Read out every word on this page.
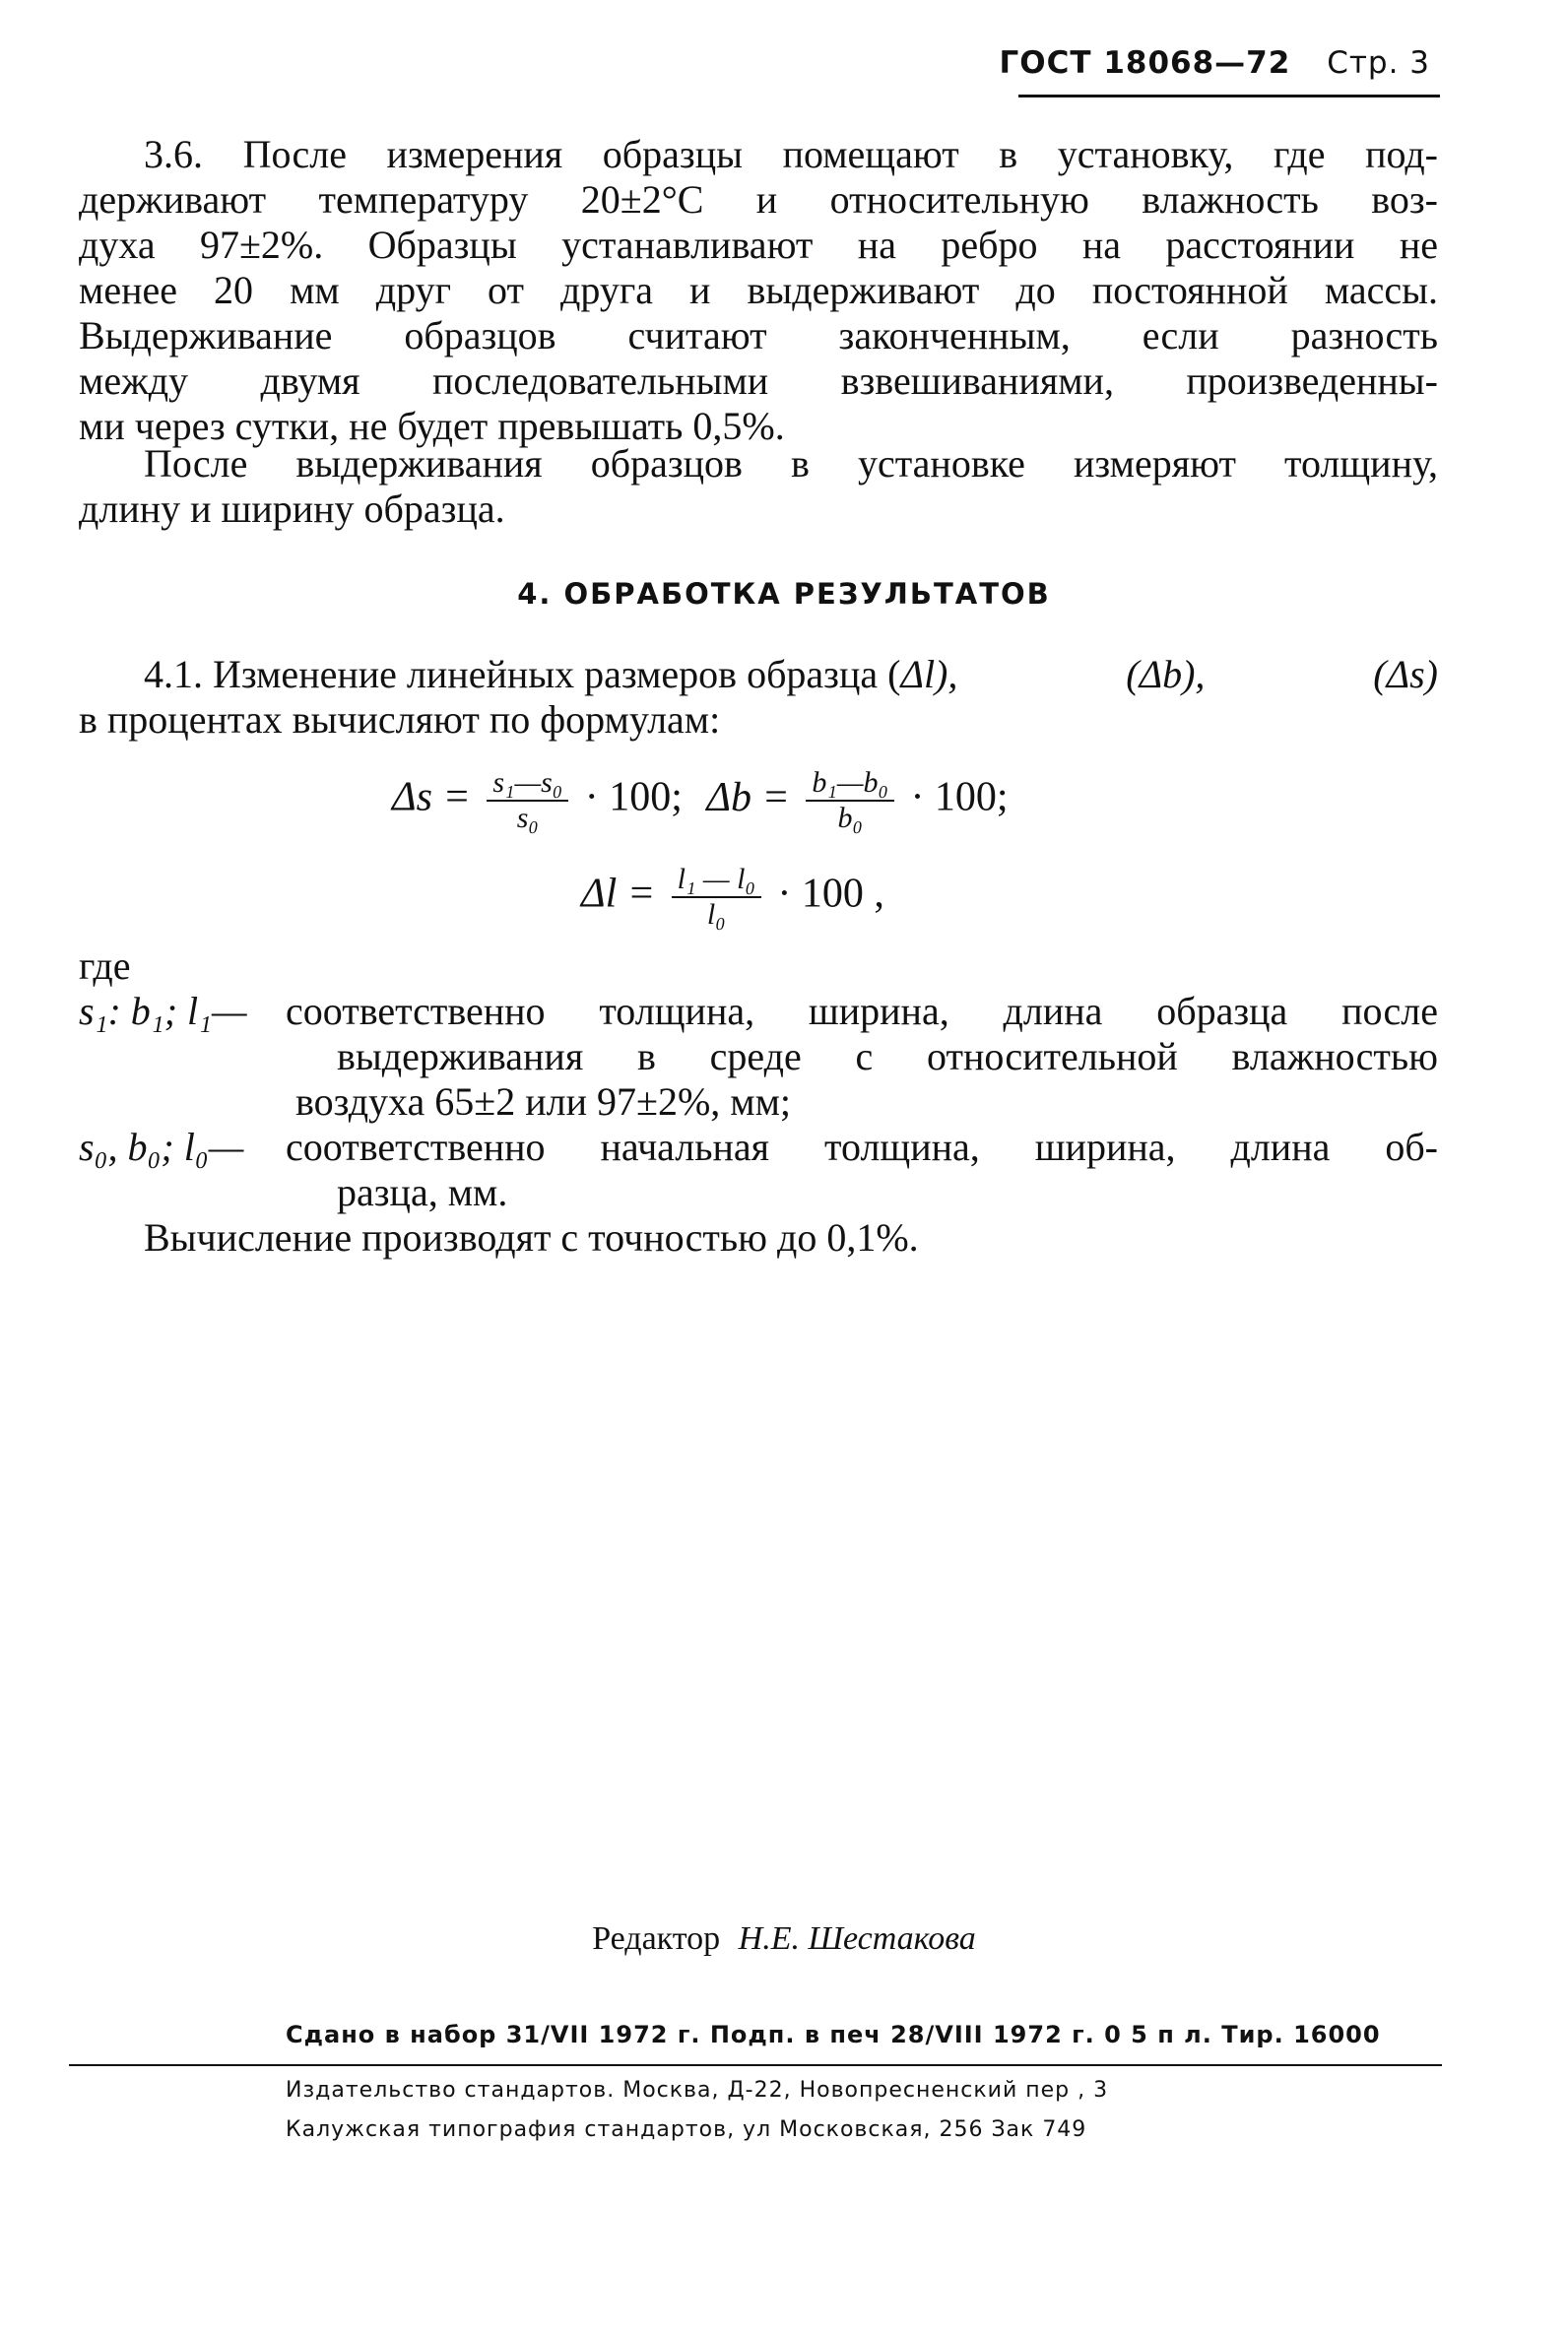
ГОСТ 18068—72 Стр. 3
3.6. После измерения образцы помещают в установку, где под-
держивают температуру 20±2°С и относительную влажность воз-
духа 97±2%. Образцы устанавливают на ребро на расстоянии не
менее 20 мм друг от друга и выдерживают до постоянной массы.
Выдерживание образцов считают законченным, если разность
между двумя последовательными взвешиваниями, произведенны-
ми через сутки, не будет превышать 0,5%.
После выдерживания образцов в установке измеряют толщину,
длину и ширину образца.
4. ОБРАБОТКА РЕЗУЛЬТАТОВ
4.1. Изменение линейных размеров образца (Δl),	(Δb),	(Δs)
в процентах вычисляют по формулам:
$\Delta s = \frac{\text{s₁—s₀}}{\text{s₀}} \cdot 100$; $\Delta b = \frac{\text{b₁—b₀}}{\text{b₀}} \cdot 100$;
$\Delta l = \frac{\text{l₁ — l₀}}{\text{l₀}} \cdot 100$ ,
где
s₁: b₁; l₁— соответственно толщина, ширина, длина образца после
выдерживания в среде с относительной влажностью
воздуха 65±2 или 97±2%, мм;
s₀, b₀; l₀—	соответственно начальная толщина, ширина, длина об-
разца, мм.
Вычисление производят с точностью до 0,1%.
Редактор Н.Е. Шестакова
Сдано в набор 31/VII 1972 г. Подп. в печ 28/VIII 1972 г. 0 5 п л. Тир. 16000
Издательство стандартов. Москва, Д-22, Новопресненский пер , 3
Калужская типография стандартов, ул Московская, 256 Зак 749
